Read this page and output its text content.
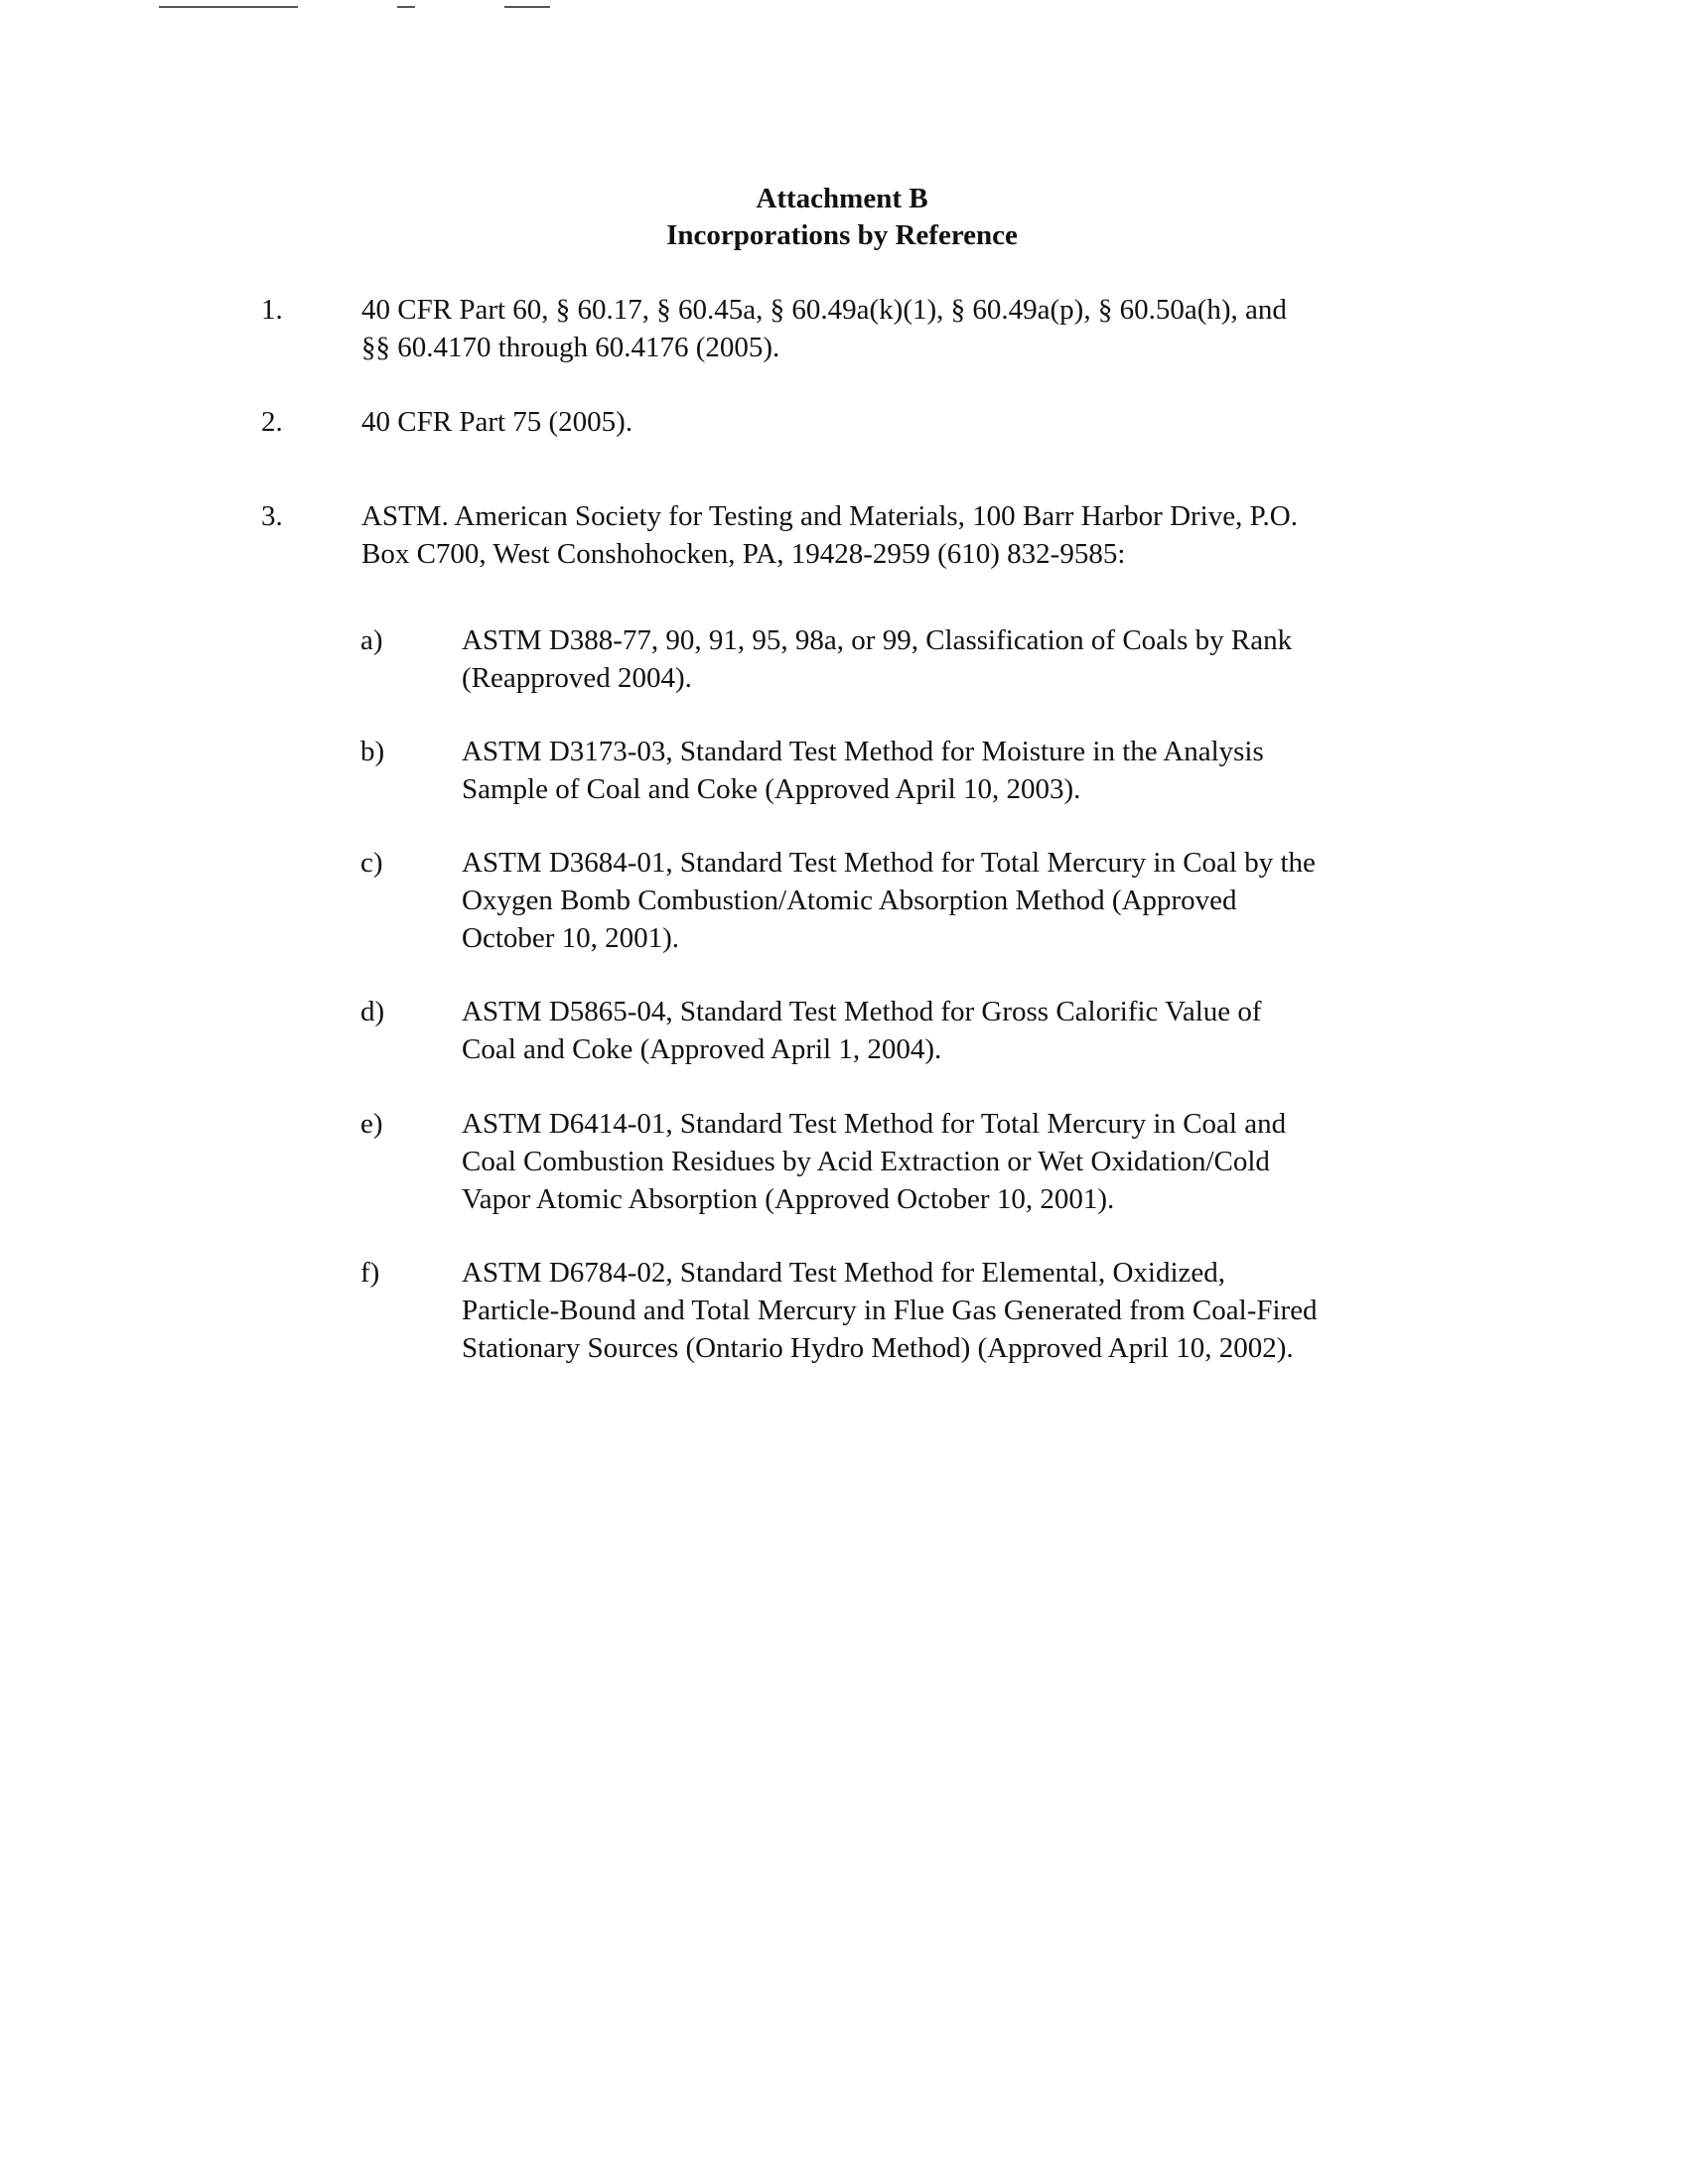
Attachment B
Incorporations by Reference
1.	40 CFR Part 60, § 60.17, § 60.45a, § 60.49a(k)(1), § 60.49a(p), § 60.50a(h), and
§§ 60.4170 through 60.4176 (2005).
2.	40 CFR Part 75 (2005).
3.	ASTM. American Society for Testing and Materials, 100 Barr Harbor Drive, P.O.
Box C700, West Conshohocken, PA, 19428-2959 (610) 832-9585:
a)	ASTM D388-77, 90, 91, 95, 98a, or 99, Classification of Coals by Rank
(Reapproved 2004).
b)	ASTM D3173-03, Standard Test Method for Moisture in the Analysis
Sample of Coal and Coke (Approved April 10, 2003).
c)	ASTM D3684-01, Standard Test Method for Total Mercury in Coal by the
Oxygen Bomb Combustion/Atomic Absorption Method (Approved
October 10, 2001).
d)	ASTM D5865-04, Standard Test Method for Gross Calorific Value of
Coal and Coke (Approved April 1, 2004).
e)	ASTM D6414-01, Standard Test Method for Total Mercury in Coal and
Coal Combustion Residues by Acid Extraction or Wet Oxidation/Cold
Vapor Atomic Absorption (Approved October 10, 2001).
f)	ASTM D6784-02, Standard Test Method for Elemental, Oxidized,
Particle-Bound and Total Mercury in Flue Gas Generated from Coal-Fired
Stationary Sources (Ontario Hydro Method) (Approved April 10, 2002).
